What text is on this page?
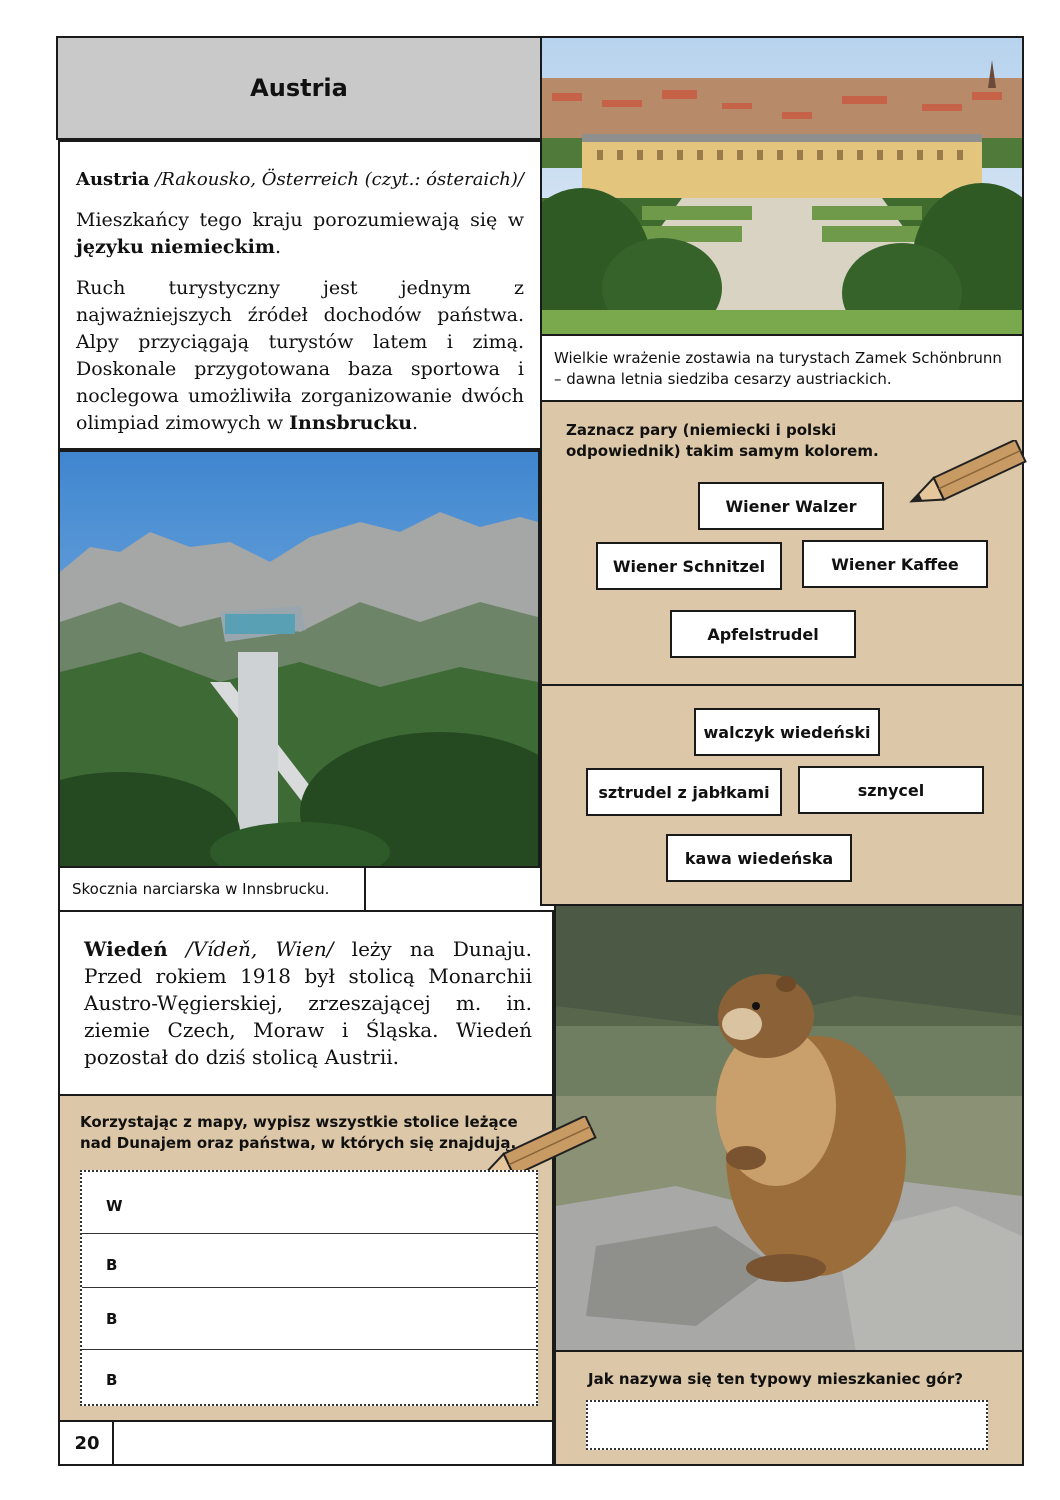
Austria

Austria /Rakousko, Österreich (czyt.: ósteraich)/

Mieszkańcy tego kraju porozumiewają się w języku niemieckim.

Ruch turystyczny jest jednym z najważniejszych źródeł dochodów państwa. Alpy przyciągają turystów latem i zimą. Doskonale przygotowana baza sportowa i noclegowa umożliwiła zorganizowanie dwóch olimpiad zimowych w Innsbrucku.

Wielkie wrażenie zostawia na turystach Zamek Schönbrunn – dawna letnia siedziba cesarzy austriackich.
Zaznacz pary (niemiecki i polski odpowiednik) takim samym kolorem.
Wiener Walzer
Wiener Schnitzel	Wiener Kaffee
Apfelstrudel
walczyk wiedeński
sztrudel z jabłkami	sznycel
kawa wiedeńska
Skocznia narciarska w Innsbrucku.

Wiedeń /Vídeň, Wien/ leży na Dunaju. Przed rokiem 1918 był stolicą Monarchii Austro-Węgierskiej, zrzeszającej m. in. ziemie Czech, Moraw i Śląska. Wiedeń pozostał do dziś stolicą Austrii.

Korzystając z mapy, wypisz wszystkie stolice leżące nad Dunajem oraz państwa, w których się znajdują.
W
B
B
B	Jak nazywa się ten typowy mieszkaniec gór?
20
